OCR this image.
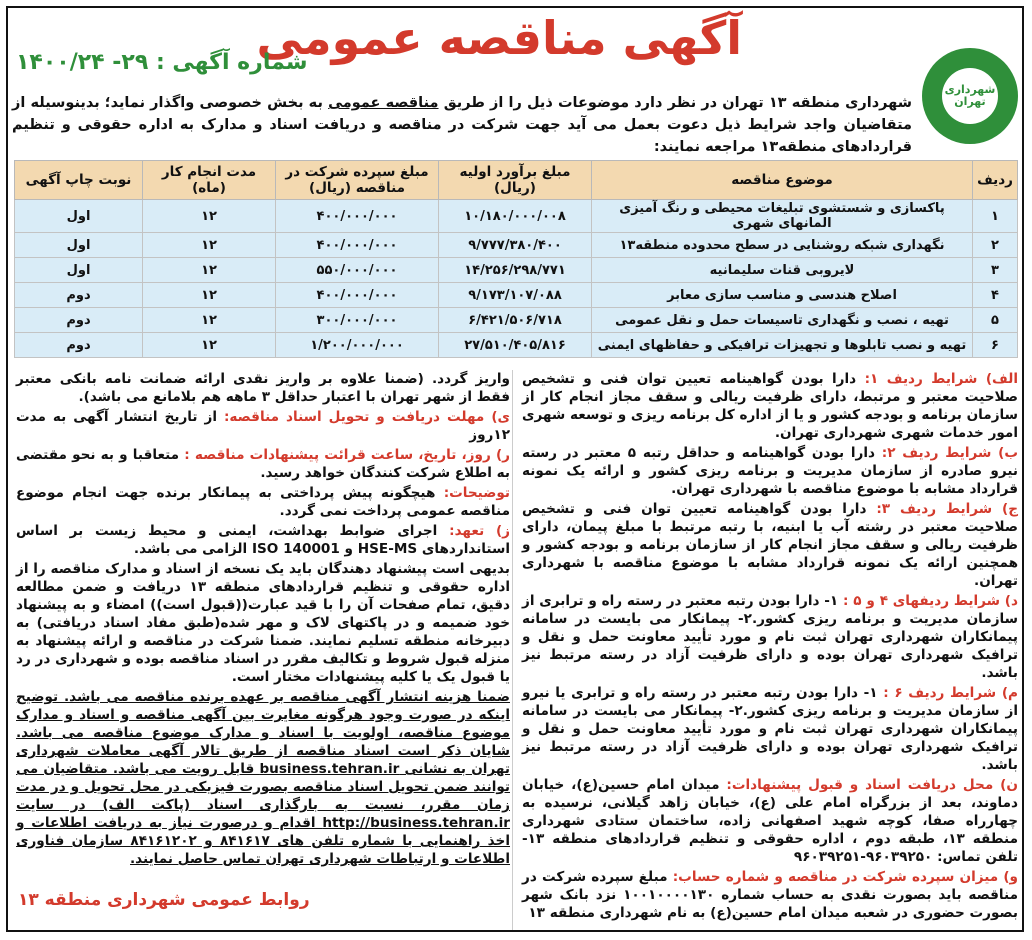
شهرداری تهران
آگهی مناقصه عمومی
شماره آگهی : ۲۹- ۱۴۰۰/۲۴
شهرداری منطقه ۱۳ تهران در نظر دارد موضوعات ذیل را از طریق مناقصه عمومی به بخش خصوصی واگذار نماید؛ بدینوسیله از متقاضیان واجد شرایط ذیل دعوت بعمل می آید جهت شرکت در مناقصه و دریافت اسناد و مدارک به اداره حقوقی و تنظیم قراردادهای منطقه۱۳ مراجعه نمایند:
ردیف	موضوع مناقصه	مبلغ برآورد اولیه (ریال)	مبلغ سپرده شرکت در مناقصه (ریال)	مدت انجام کار (ماه)	نوبت چاپ آگهی
۱	پاکسازی و شستشوی تبلیغات محیطی و رنگ آمیزی المانهای شهری	۱۰/۱۸۰/۰۰۰/۰۰۸	۴۰۰/۰۰۰/۰۰۰	۱۲	اول
۲	نگهداری شبکه روشنایی در سطح محدوده منطقه۱۳	۹/۷۷۷/۳۸۰/۴۰۰	۴۰۰/۰۰۰/۰۰۰	۱۲	اول
۳	لایروبی قنات سلیمانیه	۱۴/۲۵۶/۲۹۸/۷۷۱	۵۵۰/۰۰۰/۰۰۰	۱۲	اول
۴	اصلاح هندسی و مناسب سازی معابر	۹/۱۷۳/۱۰۷/۰۸۸	۴۰۰/۰۰۰/۰۰۰	۱۲	دوم
۵	تهیه ، نصب و نگهداری تاسیسات حمل و نقل عمومی	۶/۴۲۱/۵۰۶/۷۱۸	۳۰۰/۰۰۰/۰۰۰	۱۲	دوم
۶	تهیه و نصب تابلوها و تجهیزات ترافیکی و حفاظهای ایمنی	۲۷/۵۱۰/۴۰۵/۸۱۶	۱/۲۰۰/۰۰۰/۰۰۰	۱۲	دوم

الف) شرایط ردیف ۱: دارا بودن گواهینامه تعیین توان فنی و تشخیص صلاحیت معتبر و مرتبط، دارای ظرفیت ریالی و سقف مجاز انجام کار از سازمان برنامه و بودجه کشور و یا از اداره کل برنامه ریزی و توسعه شهری امور خدمات شهری شهرداری تهران.

ب) شرایط ردیف ۲: دارا بودن گواهینامه و حداقل رتبه ۵ معتبر در رسته نیرو صادره از سازمان مدیریت و برنامه ریزی کشور و ارائه یک نمونه قرارداد مشابه با موضوع مناقصه با شهرداری تهران.

ج) شرایط ردیف ۳: دارا بودن گواهینامه تعیین توان فنی و تشخیص صلاحیت معتبر در رشته آب یا ابنیه، با رتبه مرتبط با مبلغ پیمان، دارای ظرفیت ریالی و سقف مجاز انجام کار از سازمان برنامه و بودجه کشور و همچنین ارائه یک نمونه قرارداد مشابه با موضوع مناقصه با شهرداری تهران.

د) شرایط ردیفهای ۴ و ۵ : ۱- دارا بودن رتبه معتبر در رسته راه و ترابری از سازمان مدیریت و برنامه ریزی کشور.۲- پیمانکار می بایست در سامانه پیمانکاران شهرداری تهران ثبت نام و مورد تأیید معاونت حمل و نقل و ترافیک شهرداری تهران بوده و دارای ظرفیت آزاد در رسته مرتبط نیز باشد.

م) شرایط ردیف ۶ : ۱- دارا بودن رتبه معتبر در رسته راه و ترابری یا نیرو از سازمان مدیریت و برنامه ریزی کشور.۲- پیمانکار می بایست در سامانه پیمانکاران شهرداری تهران ثبت نام و مورد تأیید معاونت حمل و نقل و ترافیک شهرداری تهران بوده و دارای ظرفیت آزاد در رسته مرتبط نیز باشد.

ن) محل دریافت اسناد و قبول پیشنهادات: میدان امام حسین(ع)، خیابان دماوند، بعد از بزرگراه امام علی (ع)، خیابان زاهد گیلانی، نرسیده به چهارراه صفا، کوچه شهید اصفهانی زاده، ساختمان ستادی شهرداری منطقه ۱۳، طبقه دوم ، اداره حقوقی و تنظیم قراردادهای منطقه ۱۳- تلفن تماس: ۹۶۰۳۹۲۵۰-۹۶۰۳۹۲۵۱

و) میزان سپرده شرکت در مناقصه و شماره حساب: مبلغ سپرده شرکت در مناقصه باید بصورت نقدی به حساب شماره ۱۰۰۱۰۰۰۰۱۳۰ نزد بانک شهر بصورت حضوری در شعبه میدان امام حسین(ع) به نام شهرداری منطقه ۱۳

واریز گردد. (ضمنا علاوه بر واریز نقدی ارائه ضمانت نامه بانکی معتبر فقط از شهر تهران با اعتبار حداقل ۳ ماهه هم بلامانع می باشد).

ی) مهلت دریافت و تحویل اسناد مناقصه: از تاریخ انتشار آگهی به مدت ۱۲روز

ر) روز، تاریخ، ساعت قرائت پیشنهادات مناقصه : متعاقبا و به نحو مقتضی به اطلاع شرکت کنندگان خواهد رسید.

توضیحات: هیچگونه پیش پرداختی به پیمانکار برنده جهت انجام موضوع مناقصه عمومی پرداخت نمی گردد.

ز) تعهد: اجرای ضوابط بهداشت، ایمنی و محیط زیست بر اساس استانداردهای HSE-MS و ISO 140001 الزامی می باشد.

بدیهی است پیشنهاد دهندگان باید یک نسخه از اسناد و مدارک مناقصه را از اداره حقوقی و تنظیم قراردادهای منطقه ۱۳ دریافت و ضمن مطالعه دقیق، تمام صفحات آن را با قید عبارت((قبول است)) امضاء و به پیشنهاد خود ضمیمه و در پاکتهای لاک و مهر شده(طبق مفاد اسناد دریافتی) به دبیرخانه منطقه تسلیم نمایند. ضمنا شرکت در مناقصه و ارائه پیشنهاد به منزله قبول شروط و تکالیف مقرر در اسناد مناقصه بوده و شهرداری در رد یا قبول یک یا کلیه پیشنهادات مختار است.

ضمنا هزینه انتشار آگهی مناقصه بر عهده برنده مناقصه می باشد. توضیح اینکه در صورت وجود هرگونه مغایرت بین آگهی مناقصه و اسناد و مدارک موضوع مناقصه، اولویت با اسناد و مدارک موضوع مناقصه می باشد. شایان ذکر است اسناد مناقصه از طریق تالار آگهی معاملات شهرداری تهران به نشانی business.tehran.ir قابل رویت می باشد. متقاضیان می توانند ضمن تحویل اسناد مناقصه بصورت فیزیکی در محل تحویل و در مدت زمان مقرر، نسبت به بارگذاری اسناد (پاکت الف) در سایت http://business.tehran.ir اقدام و درصورت نیاز به دریافت اطلاعات و اخذ راهنمایی با شماره تلفن های ۸۴۱۶۱۷ و ۸۴۱۶۱۲۰۲ سازمان فناوری اطلاعات و ارتباطات شهرداری تهران تماس حاصل نمایند.

روابط عمومی شهرداری منطقه ۱۳
